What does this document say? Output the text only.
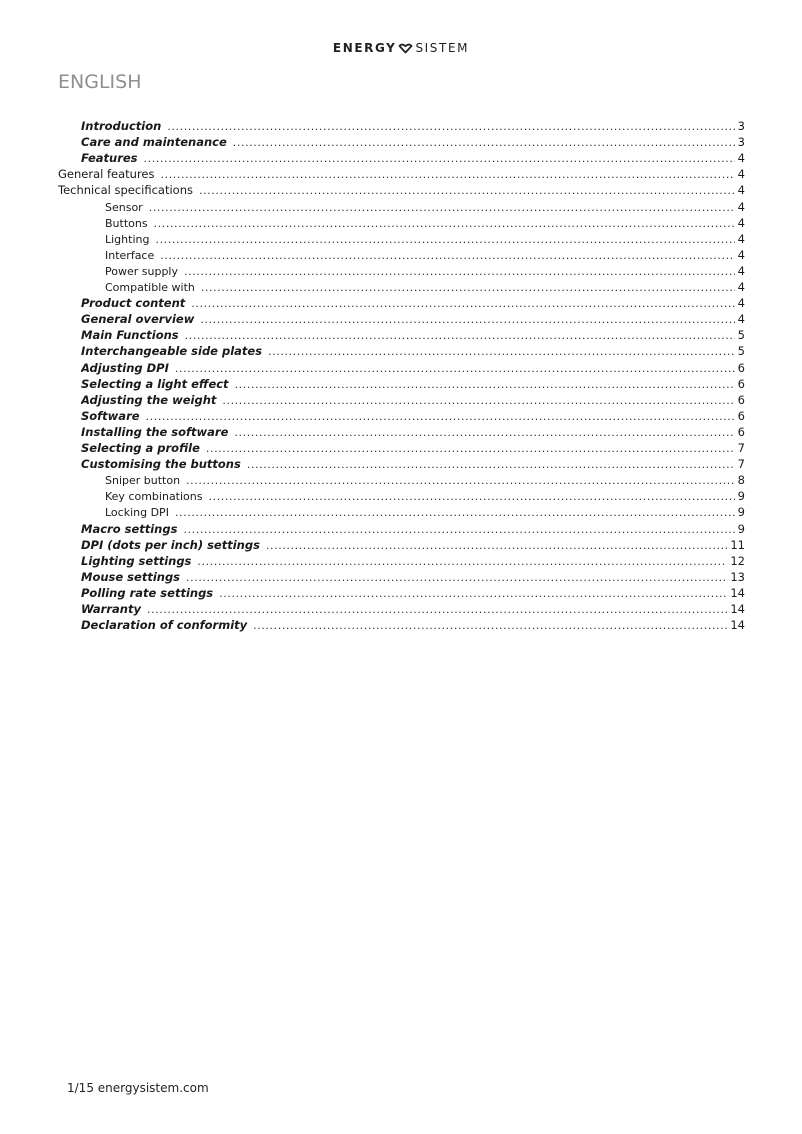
ENERGY SISTEM
ENGLISH
Introduction .....	3
Care and maintenance .....	3
Features .....	4
General features .....	4
Technical specifications .....	4
Sensor .....	4
Buttons .....	4
Lighting .....	4
Interface .....	4
Power supply .....	4
Compatible with .....	4
Product content .....	4
General overview .....	4
Main Functions .....	5
Interchangeable side plates .....	5
Adjusting DPI .....	6
Selecting a light effect .....	6
Adjusting the weight .....	6
Software .....	6
Installing the software .....	6
Selecting a profile .....	7
Customising the buttons .....	7
Sniper button .....	8
Key combinations .....	9
Locking DPI .....	9
Macro settings .....	9
DPI (dots per inch) settings .....	11
Lighting settings .....	12
Mouse settings .....	13
Polling rate settings .....	14
Warranty .....	14
Declaration of conformity .....	14
1/15 energysistem.com
